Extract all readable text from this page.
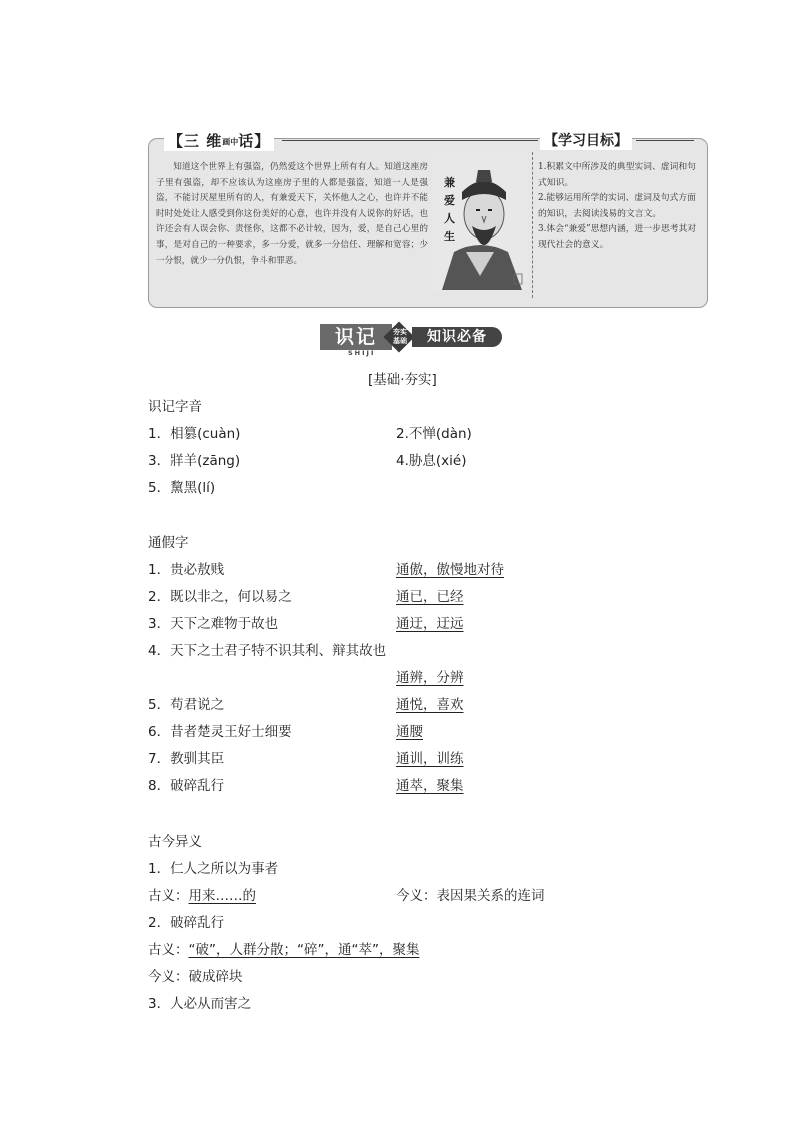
【三 维画中话】	【学习目标】

知道这个世界上有强盗，仍然爱这个世界上所有有人。知道这座房子里有强盗，却不应该认为这座房子里的人都是强盗，知道一人是强盗，不能讨厌屋里所有的人，有兼爱天下，关怀他人之心，也许并不能时时处处让人感受到你这份美好的心意，也许并没有人说你的好话，也许还会有人误会你、责怪你，这都不必计较，因为，爱，是自己心里的事，是对自己的一种要求，多一分爱，就多一分信任、理解和宽容；少一分恨，就少一分仇恨，争斗和罪恶。

兼
爱
人
生
1.积累文中所涉及的典型实词、虚词和句式知识。
2.能够运用所学的实词、虚词及句式方面的知识，去阅读浅易的文言文。
3.体会“兼爱”思想内涵，进一步思考其对现代社会的意义。
识记
SHIJI
夯实基础	知识必备
[基础·夯实]
识记字音
1．相篡(cuàn)	2.不惮(dàn)
3．牂羊(zāng)	4.胁息(xié)
5．黧黑(lí)
通假字
1．贵必敖贱	通傲，傲慢地对待
2．既以非之，何以易之	通已，已经
3．天下之难物于故也	通迂，迂远
4．天下之士君子特不识其利、辩其故也
通辨，分辨
5．苟君说之	通悦，喜欢
6．昔者楚灵王好士细要	通腰
7．教驯其臣	通训，训练
8．破碎乱行	通萃，聚集
古今异义
1．仁人之所以为事者
古义：用来……的	今义：表因果关系的连词
2．破碎乱行
古义：“破”，人群分散；“碎”，通“萃”，聚集
今义：破成碎块
3．人必从而害之
